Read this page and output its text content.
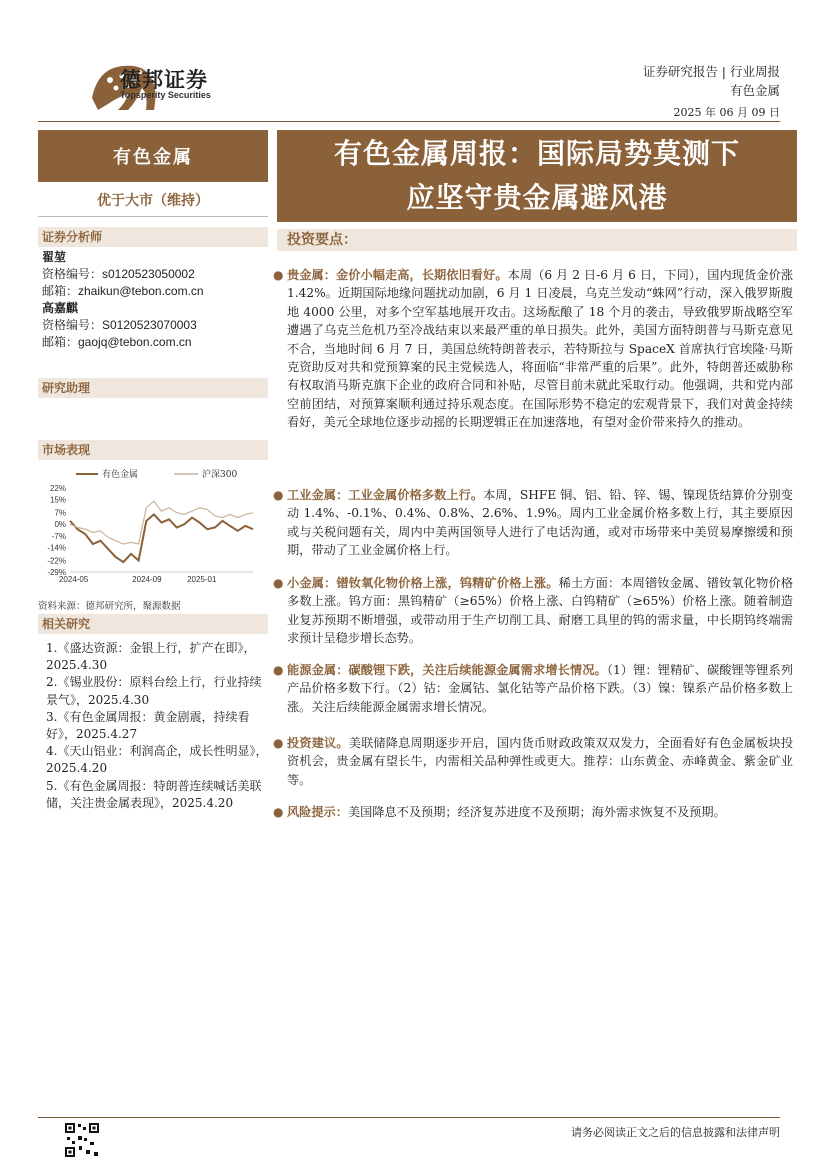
德邦证券
Topsperity Securities
证券研究报告 | 行业周报
有色金属
2025 年 06 月 09 日
有色金属
优于大市（维持）
证券分析师
翟堃
资格编号：s0120523050002
邮箱：zhaikun@tebon.com.cn
高嘉麒
资格编号：S0120523070003
邮箱：gaojq@tebon.com.cn
研究助理
市场表现
有色金属	沪深300
22%
15%
7%
0%
-7%
-14%
-22%
-29%
2024-05	2024-09	2025-01
资料来源：德邦研究所，聚源数据
相关研究
1.《盛达资源：金银上行，扩产在即》，2025.4.30
2.《锡业股份：原料台绘上行，行业持续景气》，2025.4.30
3.《有色金属周报：黄金剧震，持续看好》，2025.4.27
4.《天山铝业：利润高企，成长性明显》，2025.4.20
5.《有色金属周报：特朗普连续喊话美联储，关注贵金属表现》，2025.4.20
有色金属周报：国际局势莫测下
应坚守贵金属避风港
投资要点：
● 贵金属：金价小幅走高，长期依旧看好。本周（6 月 2 日-6 月 6 日，下同），国内现货金价涨 1.42%。近期国际地缘问题扰动加剧，6 月 1 日凌晨，乌克兰发动“蛛网”行动，深入俄罗斯腹地 4000 公里，对多个空军基地展开攻击。这场酝酿了 18 个月的袭击，导致俄罗斯战略空军遭遇了乌克兰危机乃至冷战结束以来最严重的单日损失。此外，美国方面特朗普与马斯克意见不合，当地时间 6 月 7 日，美国总统特朗普表示，若特斯拉与 SpaceX 首席执行官埃隆·马斯克资助反对共和党预算案的民主党候选人，将面临“非常严重的后果”。此外，特朗普还威胁称有权取消马斯克旗下企业的政府合同和补贴，尽管目前未就此采取行动。他强调，共和党内部空前团结，对预算案顺利通过持乐观态度。在国际形势不稳定的宏观背景下，我们对黄金持续看好，美元全球地位逐步动摇的长期逻辑正在加速落地，有望对金价带来持久的推动。
● 工业金属：工业金属价格多数上行。本周，SHFE 铜、铝、铅、锌、锡、镍现货结算价分别变动 1.4%、-0.1%、0.4%、0.8%、2.6%、1.9%。周内工业金属价格多数上行，其主要原因或与关税问题有关，周内中美两国领导人进行了电话沟通，或对市场带来中美贸易摩擦缓和预期，带动了工业金属价格上行。
● 小金属：镨钕氧化物价格上涨，钨精矿价格上涨。稀土方面：本周镨钕金属、镨钕氧化物价格多数上涨。钨方面：黑钨精矿（≥65%）价格上涨、白钨精矿（≥65%）价格上涨。随着制造业复苏预期不断增强，或带动用于生产切削工具、耐磨工具里的钨的需求量，中长期钨终端需求预计呈稳步增长态势。
● 能源金属：碳酸锂下跌，关注后续能源金属需求增长情况。（1）锂：锂精矿、碳酸锂等锂系列产品价格多数下行。（2）钴：金属钴、氯化钴等产品价格下跌。（3）镍：镍系产品价格多数上涨。关注后续能源金属需求增长情况。
● 投资建议。美联储降息周期逐步开启，国内货币财政政策双双发力，全面看好有色金属板块投资机会，贵金属有望长牛，内需相关品种弹性或更大。推荐：山东黄金、赤峰黄金、紫金矿业等。
● 风险提示：美国降息不及预期；经济复苏进度不及预期；海外需求恢复不及预期。
请务必阅读正文之后的信息披露和法律声明
